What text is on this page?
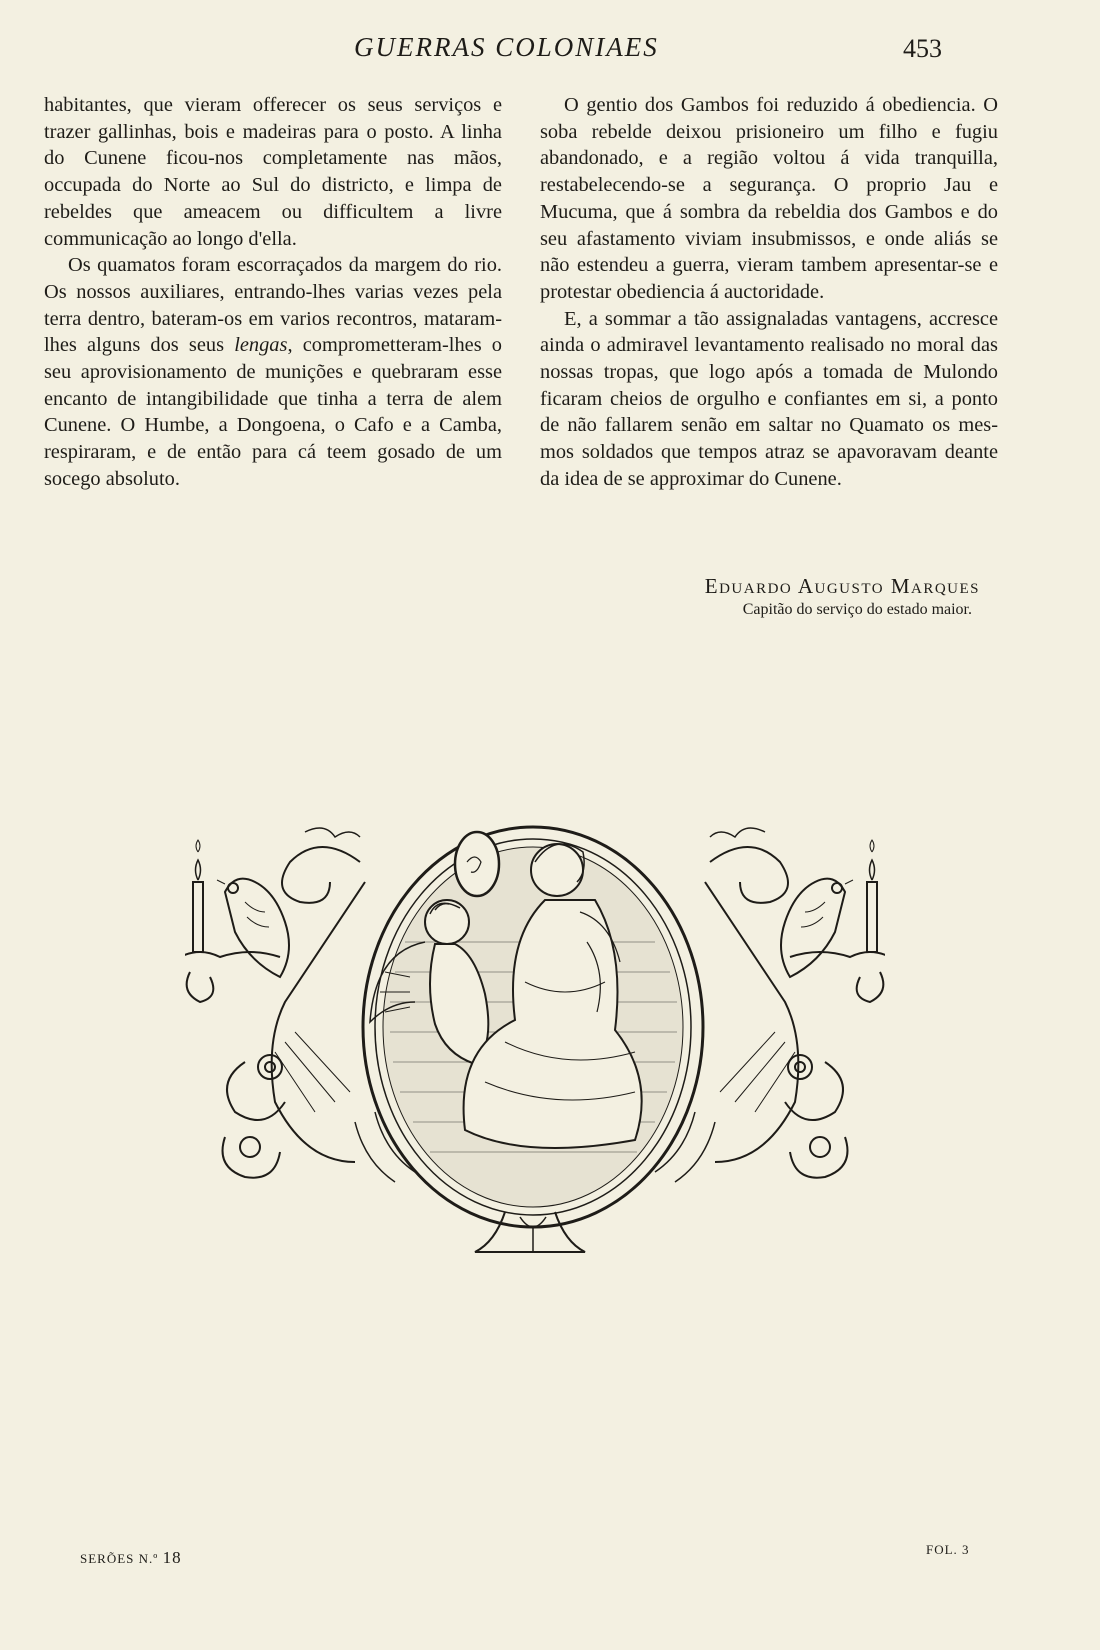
GUERRAS COLONIAES	453

habitantes, que vieram offerecer os seus serviços e trazer gallinhas, bois e madeiras para o posto. A linha do Cunene ficou-nos completamente nas mãos, occupada do Norte ao Sul do districto, e limpa de rebeldes que ameacem ou difficultem a livre communicação ao longo d'ella.

Os quamatos foram escorraçados da margem do rio. Os nossos auxiliares, entrando-lhes varias vezes pela terra dentro, bateram-os em varios recontros, mataram-lhes alguns dos seus lengas, comprometteram-lhes o seu aprovisionamento de munições e quebraram esse encanto de intangibilidade que tinha a terra de alem Cunene. O Humbe, a Dongoena, o Cafo e a Camba, respiraram, e de então para cá teem gosado de um socego absoluto.

O gentio dos Gambos foi reduzido á obediencia. O soba rebelde deixou prisioneiro um filho e fugiu abandonado, e a região voltou á vida tranquilla, restabelecendo-se a segurança. O proprio Jau e Mucuma, que á sombra da rebeldia dos Gambos e do seu afastamento viviam insubmissos, e onde aliás se não estendeu a guerra, vieram tambem apresentar-se e protestar obediencia á auctoridade.

E, a sommar a tão assignaladas vantagens, accresce ainda o admiravel levantamento realisado no moral das nossas tropas, que logo após a tomada de Mulondo ficaram cheios de orgulho e confiantes em si, a ponto de não fallarem senão em saltar no Quamato os mesmos soldados que tempos atraz se apavoravam deante da idea de se approximar do Cunene.

Eduardo Augusto Marques
Capitão do serviço do estado maior.
SERÕES N.º 18	FOL. 3
